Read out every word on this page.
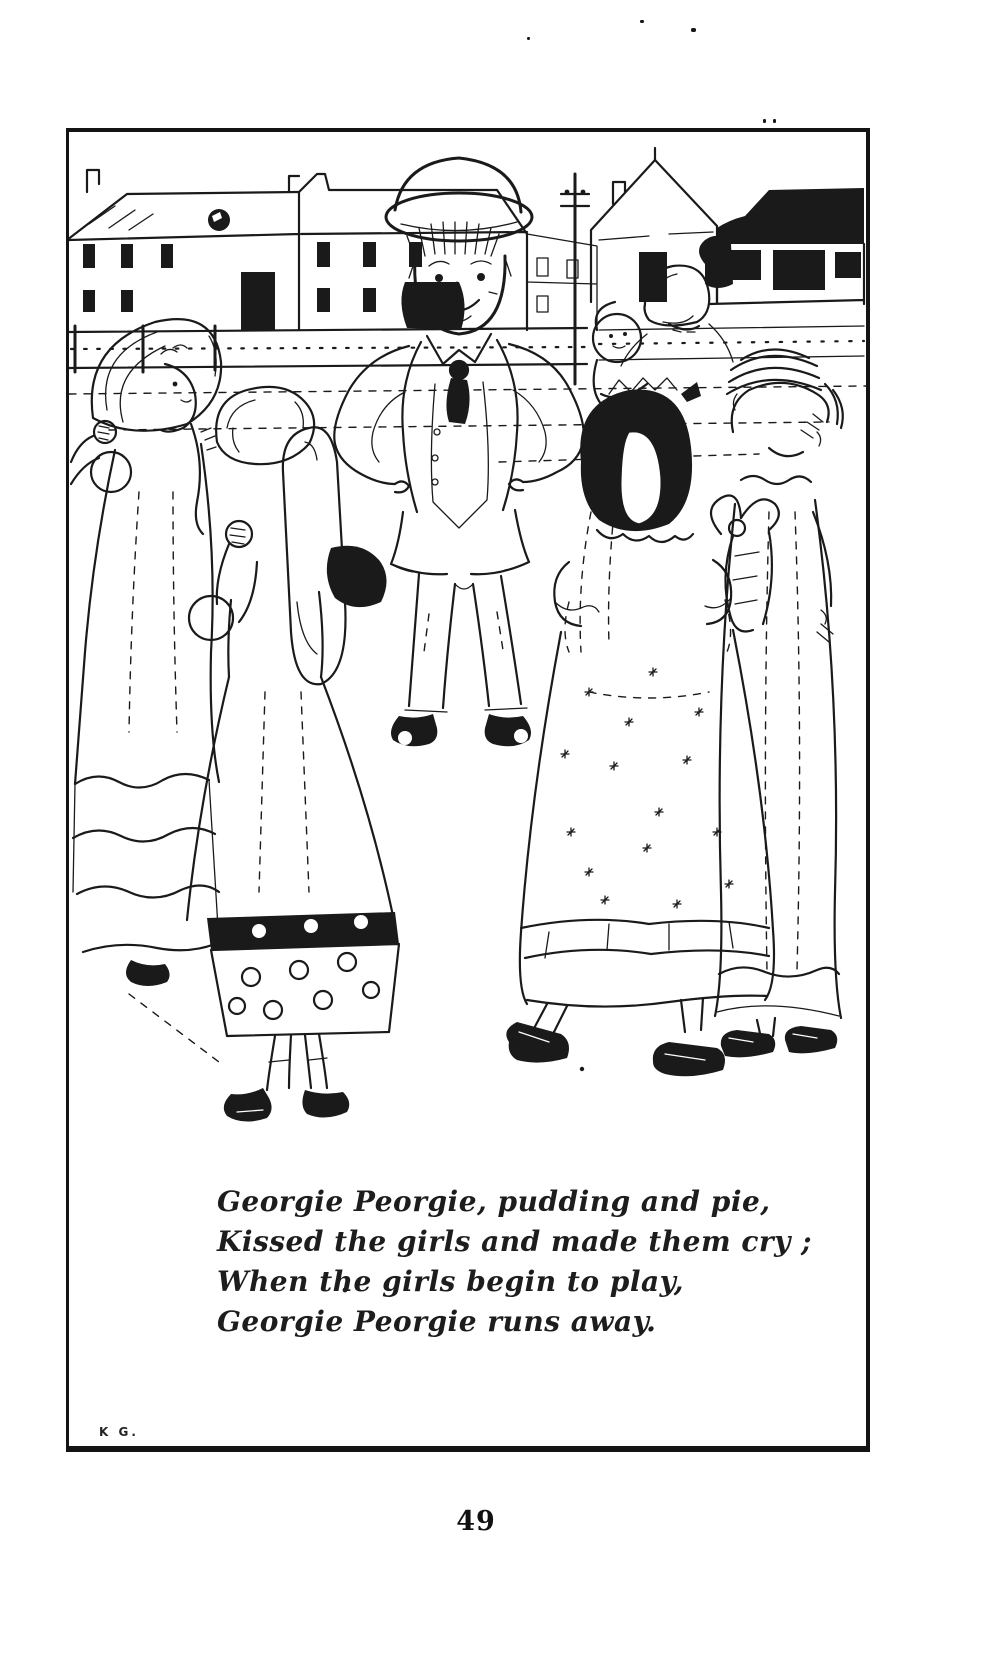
Georgie Peorgie, pudding and pie,

Kissed the girls and made them cry ;

When the girls begin to play,

Georgie Peorgie runs away.

K G.
49
